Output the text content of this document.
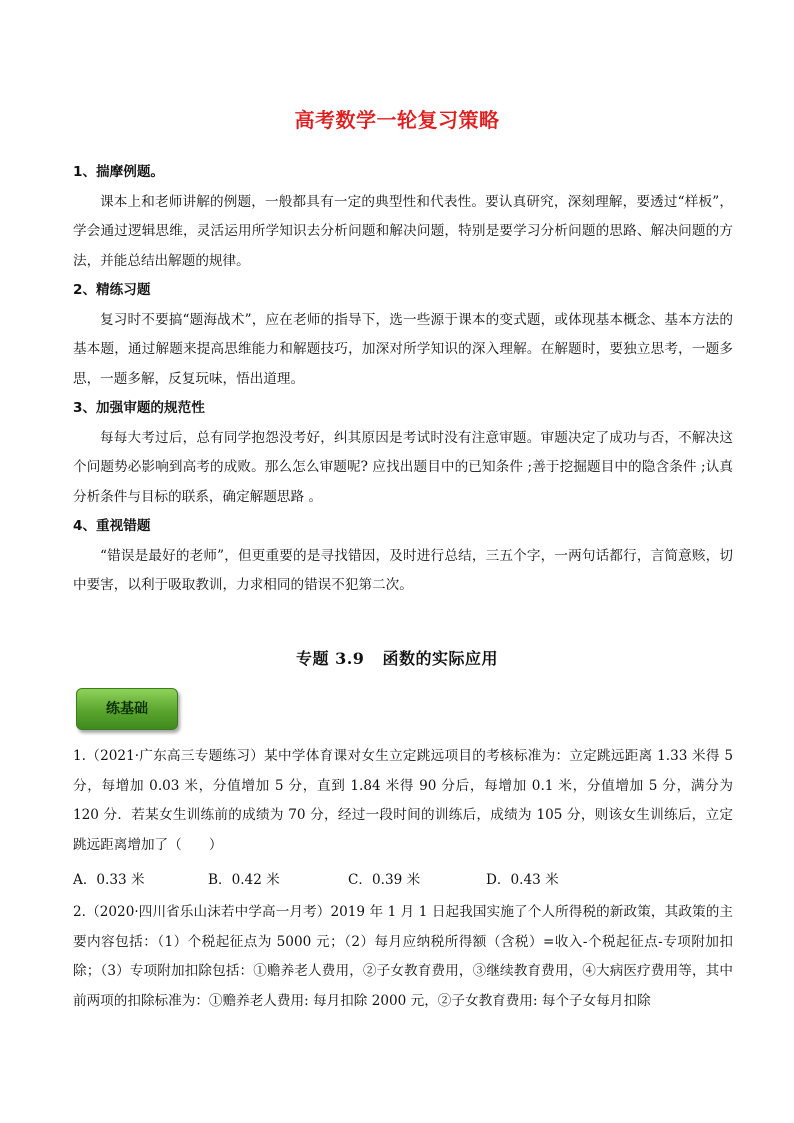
高考数学一轮复习策略
1、揣摩例题。

课本上和老师讲解的例题，一般都具有一定的典型性和代表性。要认真研究，深刻理解，要透过“样板”，学会通过逻辑思维，灵活运用所学知识去分析问题和解决问题，特别是要学习分析问题的思路、解决问题的方法，并能总结出解题的规律。

2、精练习题

复习时不要搞“题海战术”，应在老师的指导下，选一些源于课本的变式题，或体现基本概念、基本方法的基本题，通过解题来提高思维能力和解题技巧，加深对所学知识的深入理解。在解题时，要独立思考，一题多思，一题多解，反复玩味，悟出道理。

3、加强审题的规范性

每每大考过后，总有同学抱怨没考好，纠其原因是考试时没有注意审题。审题决定了成功与否，不解决这个问题势必影响到高考的成败。那么怎么审题呢? 应找出题目中的已知条件 ;善于挖掘题目中的隐含条件 ;认真分析条件与目标的联系，确定解题思路 。

4、重视错题

“错误是最好的老师”，但更重要的是寻找错因，及时进行总结，三五个字，一两句话都行，言简意赅，切中要害，以利于吸取教训，力求相同的错误不犯第二次。

专题 3.9 函数的实际应用
练基础

1.（2021·广东高三专题练习）某中学体育课对女生立定跳远项目的考核标准为：立定跳远距离 1.33 米得 5 分，每增加 0.03 米，分值增加 5 分，直到 1.84 米得 90 分后，每增加 0.1 米，分值增加 5 分，满分为 120 分．若某女生训练前的成绩为 70 分，经过一段时间的训练后，成绩为 105 分，则该女生训练后，立定跳远距离增加了（　　）

A．0.33 米	B．0.42 米	C．0.39 米	D．0.43 米

2.（2020·四川省乐山沫若中学高一月考）2019 年 1 月 1 日起我国实施了个人所得税的新政策，其政策的主要内容包括：（1）个税起征点为 5000 元；（2）每月应纳税所得额（含税）=收入-个税起征点-专项附加扣除；（3）专项附加扣除包括：①赡养老人费用，②子女教育费用，③继续教育费用，④大病医疗费用等，其中前两项的扣除标准为：①赡养老人费用: 每月扣除 2000 元，②子女教育费用: 每个子女每月扣除
